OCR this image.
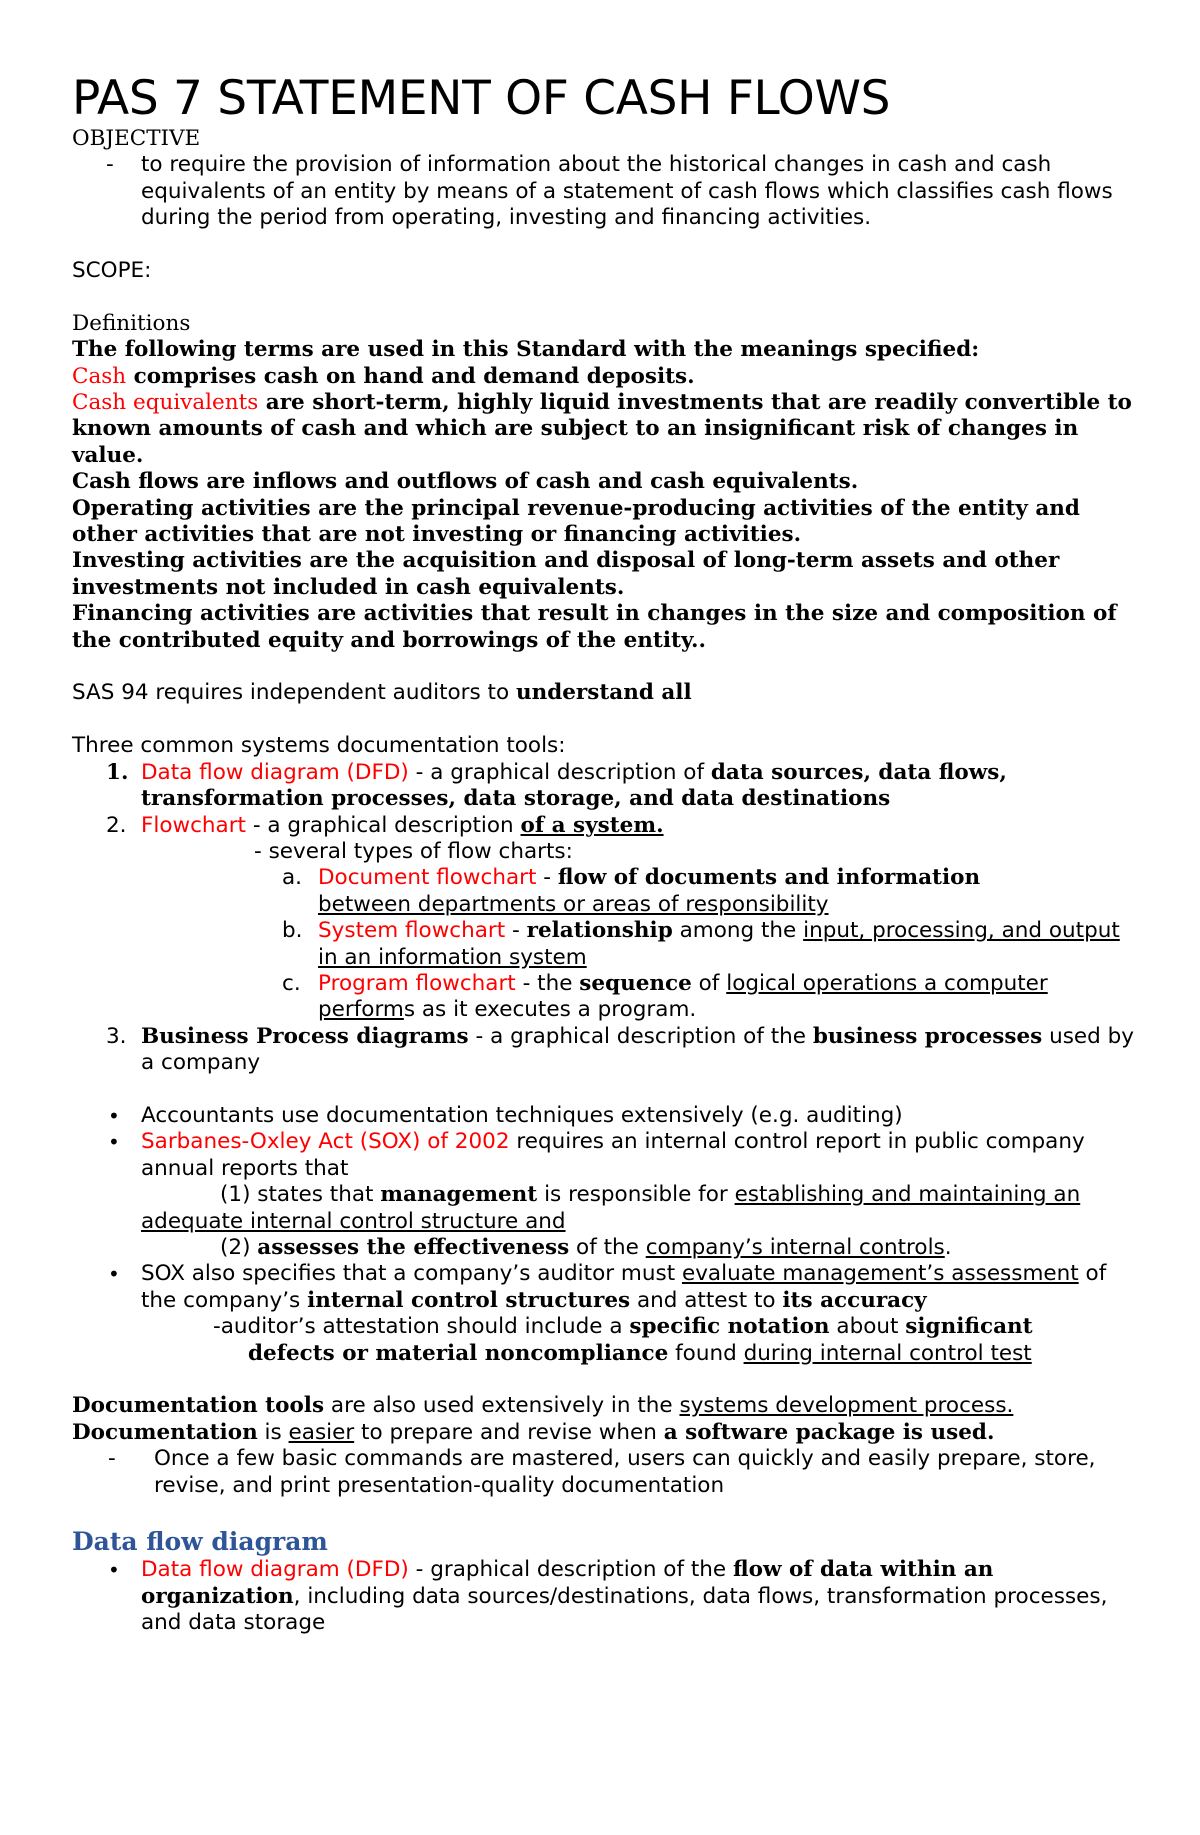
PAS 7 STATEMENT OF CASH FLOWS

OBJECTIVE

- to require the provision of information about the historical changes in cash and cash equivalents of an entity by means of a statement of cash flows which classifies cash flows during the period from operating, investing and financing activities.

SCOPE:

Definitions

The following terms are used in this Standard with the meanings specified:

Cash comprises cash on hand and demand deposits.

Cash equivalents are short-term, highly liquid investments that are readily convertible to known amounts of cash and which are subject to an insignificant risk of changes in value.

Cash flows are inflows and outflows of cash and cash equivalents.

Operating activities are the principal revenue-producing activities of the entity and other activities that are not investing or financing activities.

Investing activities are the acquisition and disposal of long-term assets and other investments not included in cash equivalents.

Financing activities are activities that result in changes in the size and composition of the contributed equity and borrowings of the entity..

SAS 94 requires independent auditors to understand all

Three common systems documentation tools:

1. Data flow diagram (DFD) - a graphical description of data sources, data flows, transformation processes, data storage, and data destinations
2. Flowchart - a graphical description of a system.

- several types of flow charts:

a. Document flowchart - flow of documents and information
between departments or areas of responsibility
b. System flowchart - relationship among the input, processing, and output in an information system
c. Program flowchart - the sequence of logical operations a computer performs as it executes a program.
3. Business Process diagrams - a graphical description of the business processes used by a company
• Accountants use documentation techniques extensively (e.g. auditing)
• Sarbanes-Oxley Act (SOX) of 2002 requires an internal control report in public company annual reports that
(1) states that management is responsible for establishing and maintaining an adequate internal control structure and
(2) assesses the effectiveness of the company’s internal controls.
• SOX also specifies that a company’s auditor must evaluate management’s assessment of the company’s internal control structures and attest to its accuracy
-auditor’s attestation should include a specific notation about significant
defects or material noncompliance found during internal control test

Documentation tools are also used extensively in the systems development process.

Documentation is easier to prepare and revise when a software package is used.

- Once a few basic commands are mastered, users can quickly and easily prepare, store, revise, and print presentation-quality documentation

Data flow diagram

• Data flow diagram (DFD) - graphical description of the flow of data within an organization, including data sources/destinations, data flows, transformation processes, and data storage
